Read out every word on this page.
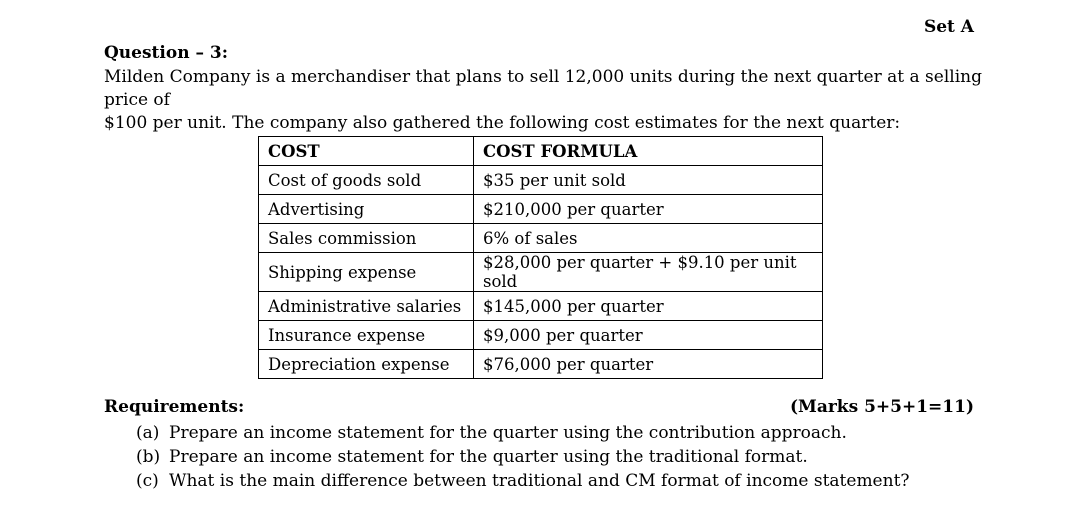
Set A
Question – 3:

Milden Company is a merchandiser that plans to sell 12,000 units during the next quarter at a selling price of

$100 per unit. The company also gathered the following cost estimates for the next quarter:

COST	COST FORMULA
Cost of goods sold	$35 per unit sold
Advertising	$210,000 per quarter
Sales commission	6% of sales
Shipping expense	$28,000 per quarter + $9.10 per unit sold
Administrative salaries	$145,000 per quarter
Insurance expense	$9,000 per quarter
Depreciation expense	$76,000 per quarter
Requirements:	(Marks 5+5+1=11)
(a) Prepare an income statement for the quarter using the contribution approach.
(b) Prepare an income statement for the quarter using the traditional format.
(c) What is the main difference between traditional and CM format of income statement?
